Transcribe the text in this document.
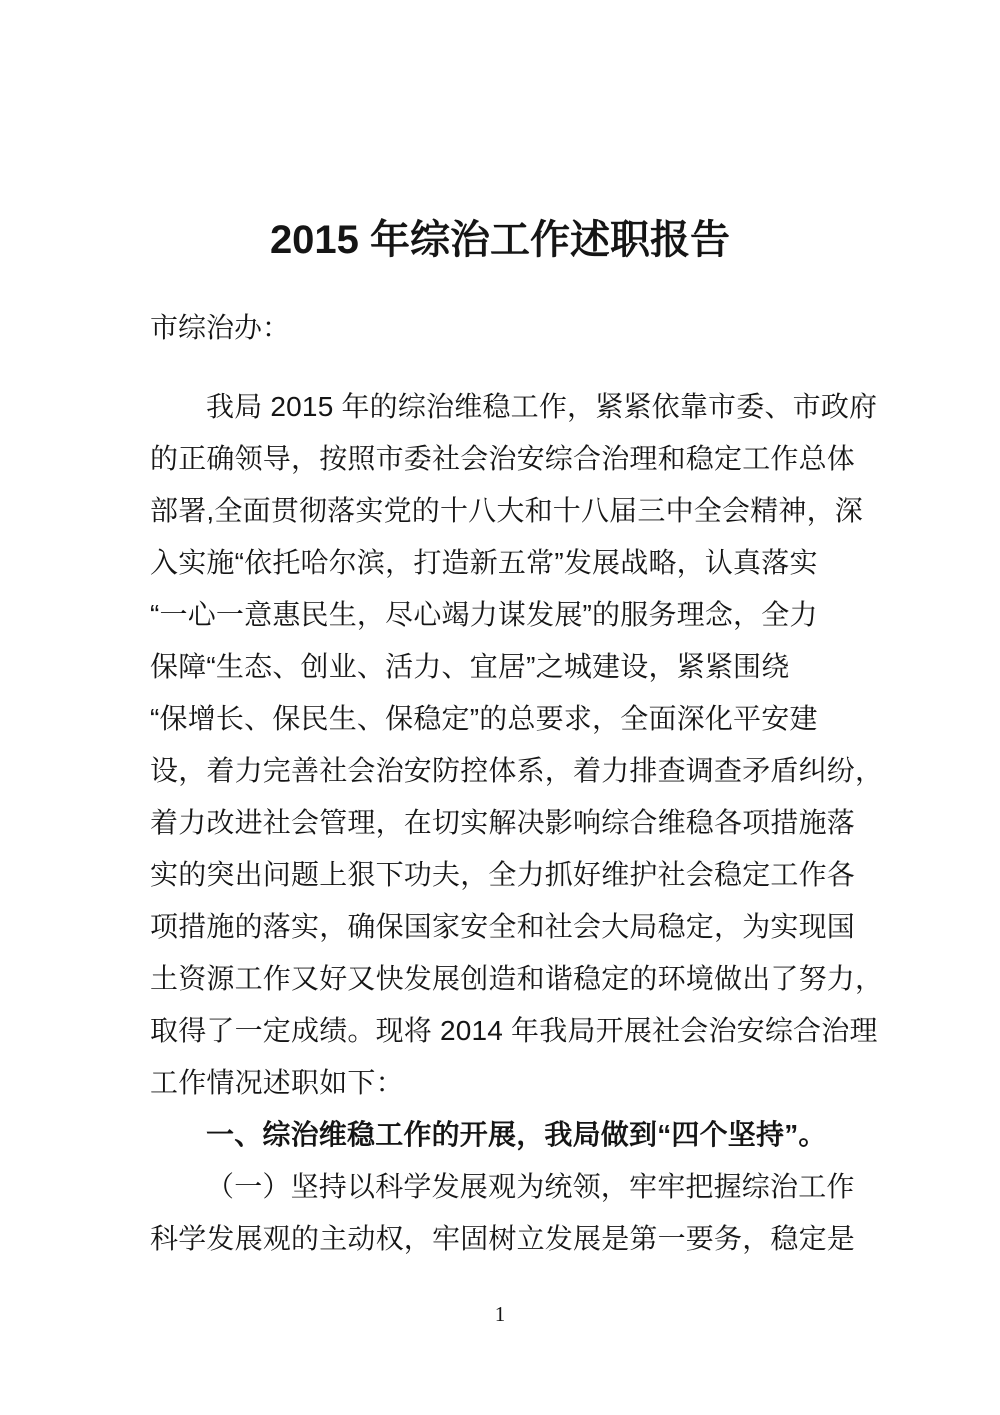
2015 年综治工作述职报告
市综治办：
我局 2015 年的综治维稳工作，紧紧依靠市委、市政府
的正确领导，按照市委社会治安综合治理和稳定工作总体
部署,全面贯彻落实党的十八大和十八届三中全会精神，深
入实施“依托哈尔滨，打造新五常”发展战略，认真落实
“一心一意惠民生，尽心竭力谋发展”的服务理念，全力
保障“生态、创业、活力、宜居”之城建设，紧紧围绕
“保增长、保民生、保稳定”的总要求，全面深化平安建
设，着力完善社会治安防控体系，着力排查调查矛盾纠纷，
着力改进社会管理，在切实解决影响综合维稳各项措施落
实的突出问题上狠下功夫，全力抓好维护社会稳定工作各
项措施的落实，确保国家安全和社会大局稳定，为实现国
土资源工作又好又快发展创造和谐稳定的环境做出了努力，
取得了一定成绩。现将 2014 年我局开展社会治安综合治理
工作情况述职如下：
一、综治维稳工作的开展，我局做到“四个坚持”。
（一）坚持以科学发展观为统领，牢牢把握综治工作
科学发展观的主动权，牢固树立发展是第一要务，稳定是
1
